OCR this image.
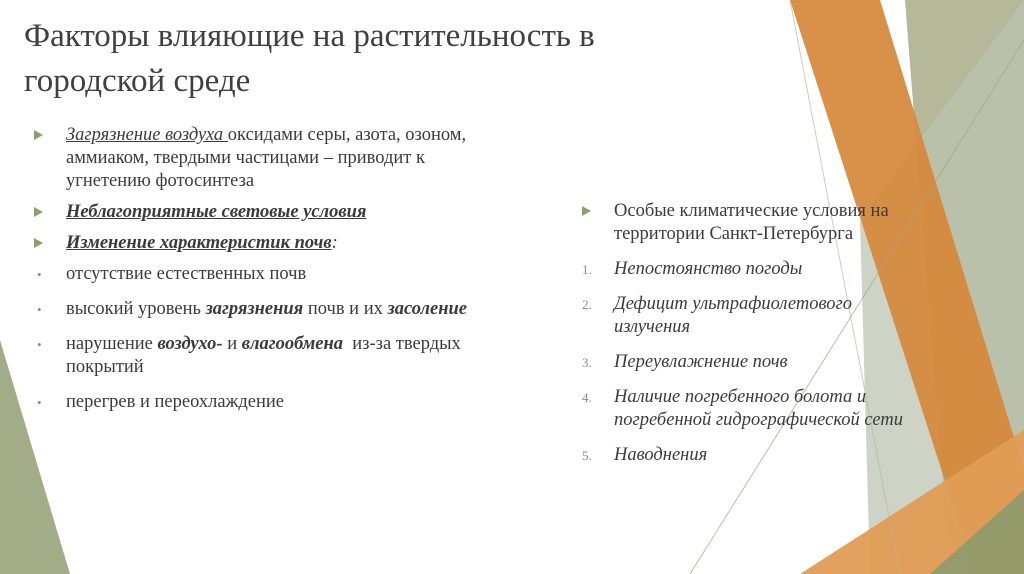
Факторы влияющие на растительность в городской среде
Загрязнение воздуха оксидами серы, азота, озоном, аммиаком, твердыми частицами – приводит к угнетению фотосинтеза
Неблагоприятные световые условия
Изменение характеристик почв:
•	отсутствие естественных почв
•	высокий уровень загрязнения почв и их засоление
•	нарушение воздухо- и влагообмена  из-за твердых покрытий
•	перегрев и переохлаждение
Особые климатические условия на территории Санкт-Петербурга
1.	Непостоянство погоды
2.	Дефицит ультрафиолетового излучения
3.	Переувлажнение почв
4.	Наличие погребенного болота и погребенной гидрографической сети
5.	Наводнения
